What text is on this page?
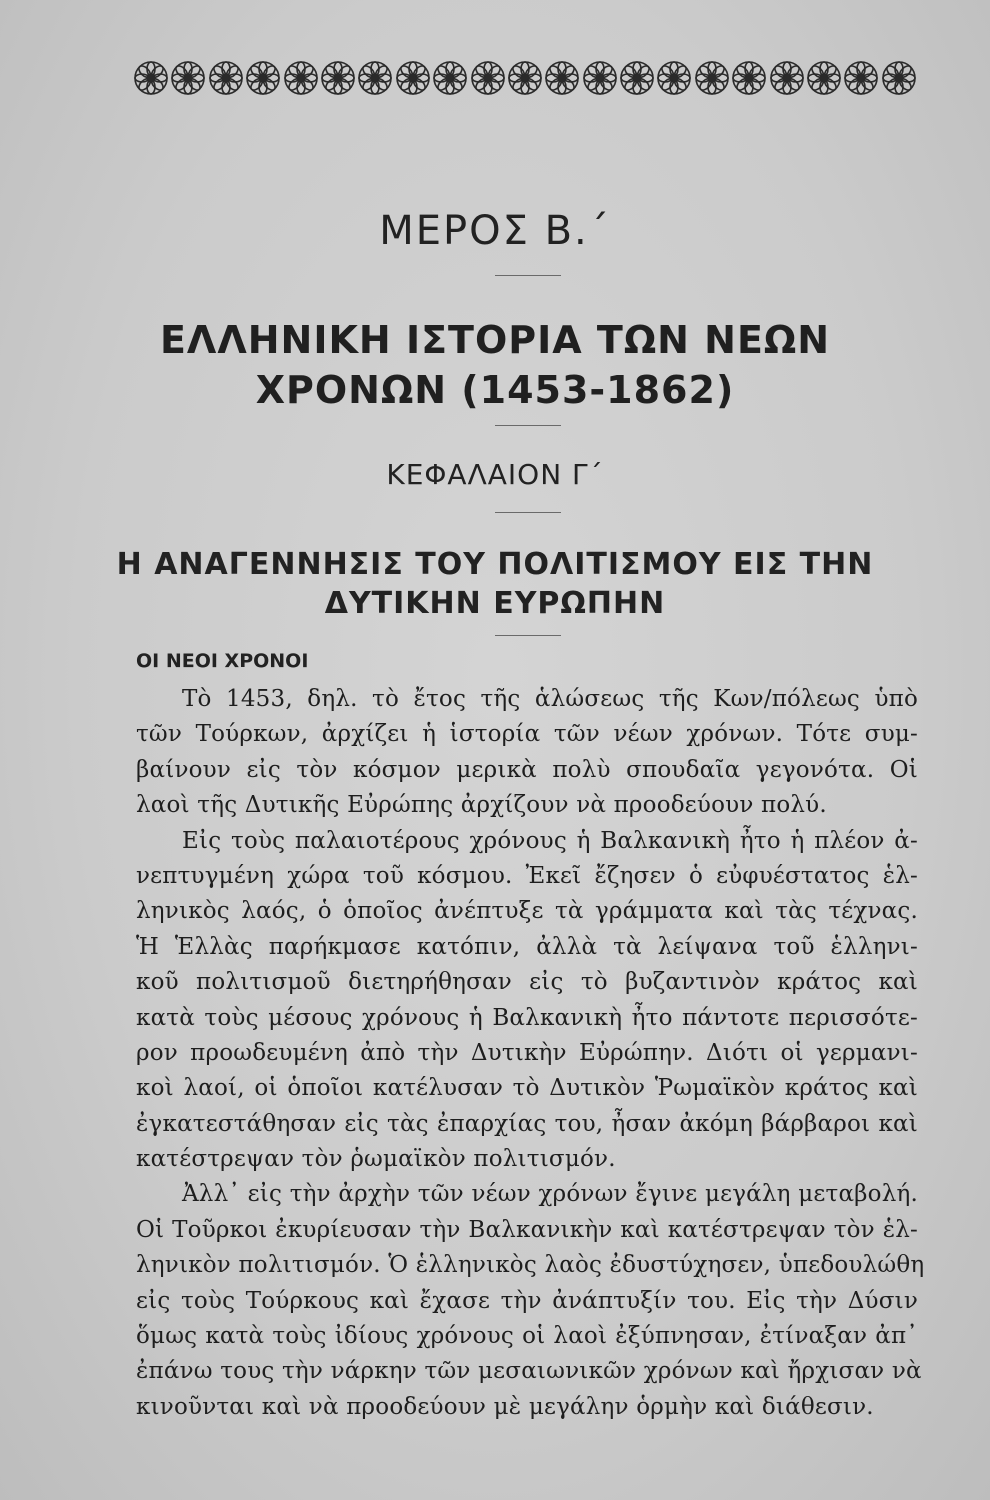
ΜΕΡΟΣ Β.΄
ΕΛΛΗΝΙΚΗ ΙΣΤΟΡΙΑ ΤΩΝ ΝΕΩΝ
ΧΡΟΝΩΝ (1453-1862)
ΚΕΦΑΛΑΙΟΝ Γ΄
Η ΑΝΑΓΕΝΝΗΣΙΣ ΤΟΥ ΠΟΛΙΤΙΣΜΟΥ ΕΙΣ ΤΗΝ
ΔΥΤΙΚΗΝ ΕΥΡΩΠΗΝ
ΟΙ ΝΕΟΙ ΧΡΟΝΟΙ
Τὸ 1453, δηλ. τὸ ἔτος τῆς ἁλώσεως τῆς Κων/πόλεως ὑπὸ
τῶν Τούρκων, ἀρχίζει ἡ ἱστορία τῶν νέων χρόνων. Τότε συμ-
βαίνουν εἰς τὸν κόσμον μερικὰ πολὺ σπουδαῖα γεγονότα. Οἱ
λαοὶ τῆς Δυτικῆς Εὐρώπης ἀρχίζουν νὰ προοδεύουν πολύ.
Εἰς τοὺς παλαιοτέρους χρόνους ἡ Βαλκανικὴ ἦτο ἡ πλέον ἀ-
νεπτυγμένη χώρα τοῦ κόσμου. Ἐκεῖ ἔζησεν ὁ εὐφυέστατος ἑλ-
ληνικὸς λαός, ὁ ὁποῖος ἀνέπτυξε τὰ γράμματα καὶ τὰς τέχνας.
Ἡ Ἑλλὰς παρήκμασε κατόπιν, ἀλλὰ τὰ λείψανα τοῦ ἑλληνι-
κοῦ πολιτισμοῦ διετηρήθησαν εἰς τὸ βυζαντινὸν κράτος καὶ
κατὰ τοὺς μέσους χρόνους ἡ Βαλκανικὴ ἦτο πάντοτε περισσότε-
ρον προωδευμένη ἀπὸ τὴν Δυτικὴν Εὐρώπην. Διότι οἱ γερμανι-
κοὶ λαοί, οἱ ὁποῖοι κατέλυσαν τὸ Δυτικὸν Ῥωμαϊκὸν κράτος καὶ
ἐγκατεστάθησαν εἰς τὰς ἐπαρχίας του, ἦσαν ἀκόμη βάρβαροι καὶ
κατέστρεψαν τὸν ῥωμαϊκὸν πολιτισμόν.
Ἀλλ᾽ εἰς τὴν ἀρχὴν τῶν νέων χρόνων ἔγινε μεγάλη μεταβολή.
Οἱ Τοῦρκοι ἐκυρίευσαν τὴν Βαλκανικὴν καὶ κατέστρεψαν τὸν ἑλ-
ληνικὸν πολιτισμόν. Ὁ ἑλληνικὸς λαὸς ἐδυστύχησεν, ὑπεδουλώθη
εἰς τοὺς Τούρκους καὶ ἔχασε τὴν ἀνάπτυξίν του. Εἰς τὴν Δύσιν
ὅμως κατὰ τοὺς ἰδίους χρόνους οἱ λαοὶ ἐξύπνησαν, ἐτίναξαν ἀπ᾽
ἐπάνω τους τὴν νάρκην τῶν μεσαιωνικῶν χρόνων καὶ ἤρχισαν νὰ
κινοῦνται καὶ νὰ προοδεύουν μὲ μεγάλην ὁρμὴν καὶ διάθεσιν.
